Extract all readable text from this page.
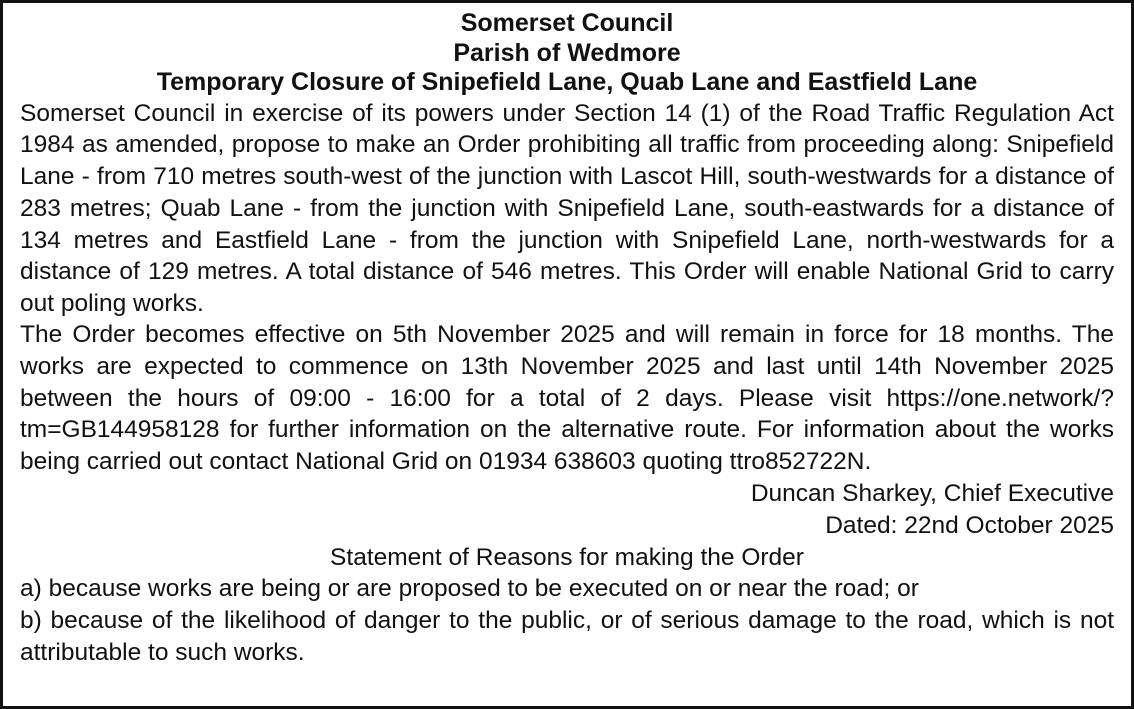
Somerset Council
Parish of Wedmore
Temporary Closure of Snipefield Lane, Quab Lane and Eastfield Lane

Somerset Council in exercise of its powers under Section 14 (1) of the Road Traffic Regulation Act 1984 as amended, propose to make an Order prohibiting all traffic from proceeding along: Snipefield Lane - from 710 metres south-west of the junction with Lascot Hill, south-westwards for a distance of 283 metres; Quab Lane - from the junction with Snipefield Lane, south-eastwards for a distance of 134 metres and Eastfield Lane - from the junction with Snipefield Lane, north-westwards for a distance of 129 metres. A total distance of 546 metres. This Order will enable National Grid to carry out poling works.

The Order becomes effective on 5th November 2025 and will remain in force for 18 months. The works are expected to commence on 13th November 2025 and last until 14th November 2025 between the hours of 09:00 - 16:00 for a total of 2 days. Please visit https://one.network/?tm=GB144958128 for further information on the alternative route. For information about the works being carried out contact National Grid on 01934 638603 quoting ttro852722N.

Duncan Sharkey, Chief Executive

Dated: 22nd October 2025

Statement of Reasons for making the Order

a) because works are being or are proposed to be executed on or near the road; or

b) because of the likelihood of danger to the public, or of serious damage to the road, which is not attributable to such works.
